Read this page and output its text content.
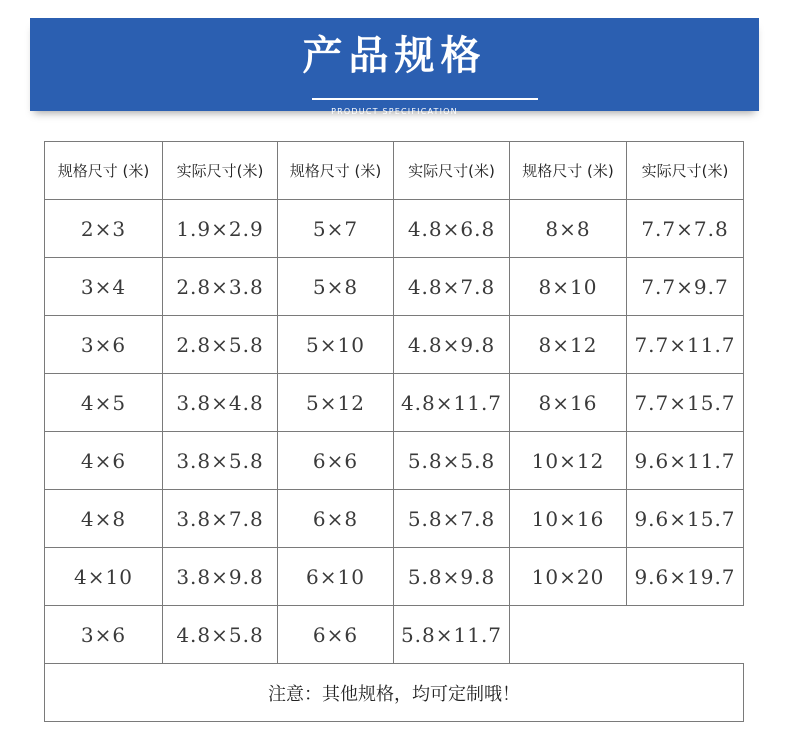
产品规格
PRODUCT SPECIFICATION
规格尺寸 (米)	实际尺寸(米)	规格尺寸 (米)	实际尺寸(米)	规格尺寸 (米)	实际尺寸(米)
2×3	1.9×2.9	5×7	4.8×6.8	8×8	7.7×7.8
3×4	2.8×3.8	5×8	4.8×7.8	8×10	7.7×9.7
3×6	2.8×5.8	5×10	4.8×9.8	8×12	7.7×11.7
4×5	3.8×4.8	5×12	4.8×11.7	8×16	7.7×15.7
4×6	3.8×5.8	6×6	5.8×5.8	10×12	9.6×11.7
4×8	3.8×7.8	6×8	5.8×7.8	10×16	9.6×15.7
4×10	3.8×9.8	6×10	5.8×9.8	10×20	9.6×19.7
3×6	4.8×5.8	6×6	5.8×11.7		
注意：其他规格，均可定制哦！					
